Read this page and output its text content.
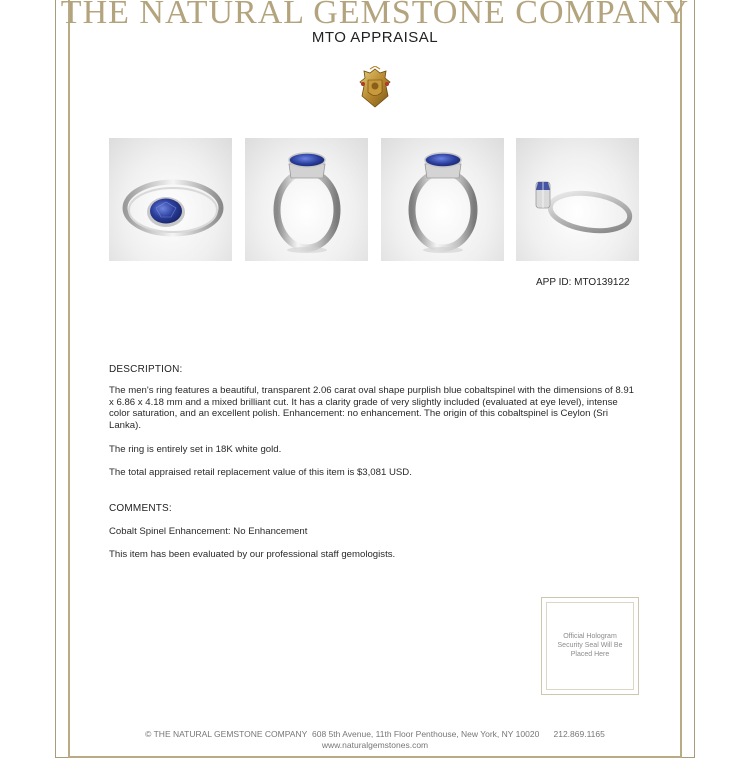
THE NATURAL GEMSTONE COMPANY
MTO APPRAISAL
APP ID: MTO139122
DESCRIPTION:
The men's ring features a beautiful, transparent 2.06 carat oval shape purplish blue cobaltspinel with the dimensions of 8.91 x 6.86 x 4.18 mm and a mixed brilliant cut. It has a clarity grade of very slightly included (evaluated at eye level), intense color saturation, and an excellent polish. Enhancement: no enhancement. The origin of this cobaltspinel is Ceylon (Sri Lanka).
The ring is entirely set in 18K white gold.
The total appraised retail replacement value of this item is $3,081 USD.
COMMENTS:
Cobalt Spinel Enhancement: No Enhancement
This item has been evaluated by our professional staff gemologists.
Official Hologram Security Seal Will Be Placed Here
© THE NATURAL GEMSTONE COMPANY 608 5th Avenue, 11th Floor Penthouse, New York, NY 10020 212.869.1165
www.naturalgemstones.com
